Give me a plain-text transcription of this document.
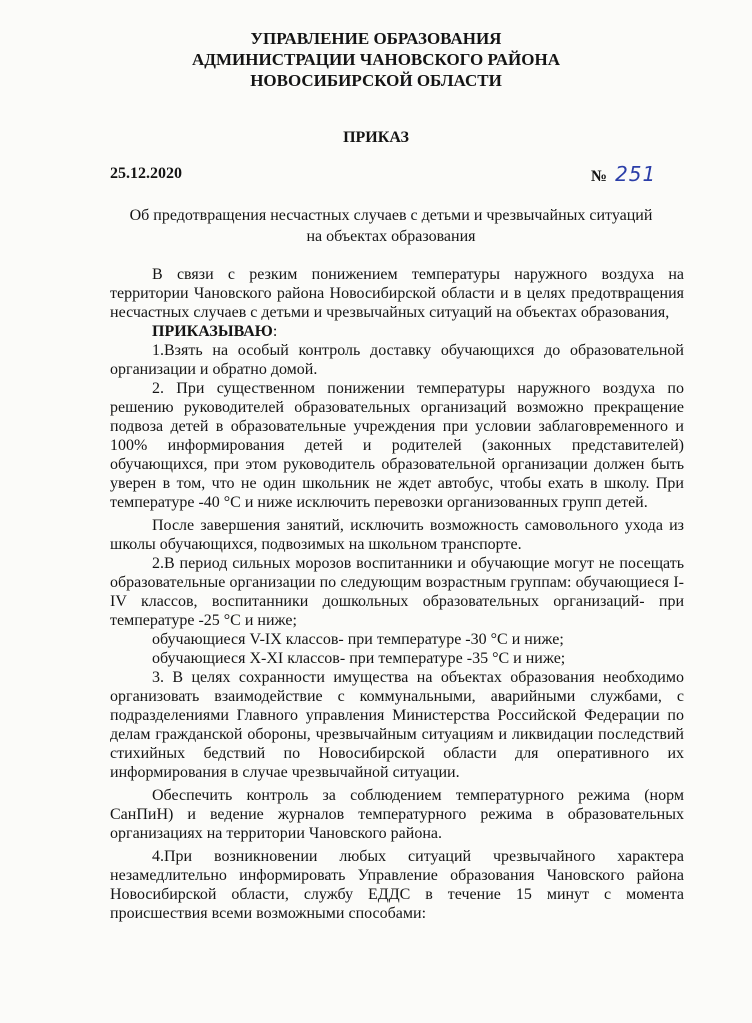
УПРАВЛЕНИЕ ОБРАЗОВАНИЯ
АДМИНИСТРАЦИИ ЧАНОВСКОГО РАЙОНА
НОВОСИБИРСКОЙ ОБЛАСТИ
ПРИКАЗ
25.12.2020	№ 251
Об предотвращения несчастных случаев с детьми и чрезвычайных ситуаций
на объектах образования

В связи с резким понижением температуры наружного воздуха на территории Чановского района Новосибирской области и в целях предотвращения несчастных случаев с детьми и чрезвычайных ситуаций на объектах образования,

ПРИКАЗЫВАЮ:

1.Взять на особый контроль доставку обучающихся до образовательной организации и обратно домой.

2. При существенном понижении температуры наружного воздуха по решению руководителей образовательных организаций возможно прекращение подвоза детей в образовательные учреждения при условии заблаговременного и 100% информирования детей и родителей (законных представителей) обучающихся, при этом руководитель образовательной организации должен быть уверен в том, что не один школьник не ждет автобус, чтобы ехать в школу. При температуре -40 °С и ниже исключить перевозки организованных групп детей.

После завершения занятий, исключить возможность самовольного ухода из школы обучающихся, подвозимых на школьном транспорте.

2.В период сильных морозов воспитанники и обучающие могут не посещать образовательные организации по следующим возрастным группам: обучающиеся I-IV классов, воспитанники дошкольных образовательных организаций- при температуре -25 °С и ниже;

обучающиеся V-IX классов- при температуре -30 °С и ниже;

обучающиеся X-XI классов- при температуре -35 °С и ниже;

3. В целях сохранности имущества на объектах образования необходимо организовать взаимодействие с коммунальными, аварийными службами, с подразделениями Главного управления Министерства Российской Федерации по делам гражданской обороны, чрезвычайным ситуациям и ликвидации последствий стихийных бедствий по Новосибирской области для оперативного их информирования в случае чрезвычайной ситуации.

Обеспечить контроль за соблюдением температурного режима (норм СанПиН) и ведение журналов температурного режима в образовательных организациях на территории Чановского района.

4.При возникновении любых ситуаций чрезвычайного характера незамедлительно информировать Управление образования Чановского района Новосибирской области, службу ЕДДС в течение 15 минут с момента происшествия всеми возможными способами:
